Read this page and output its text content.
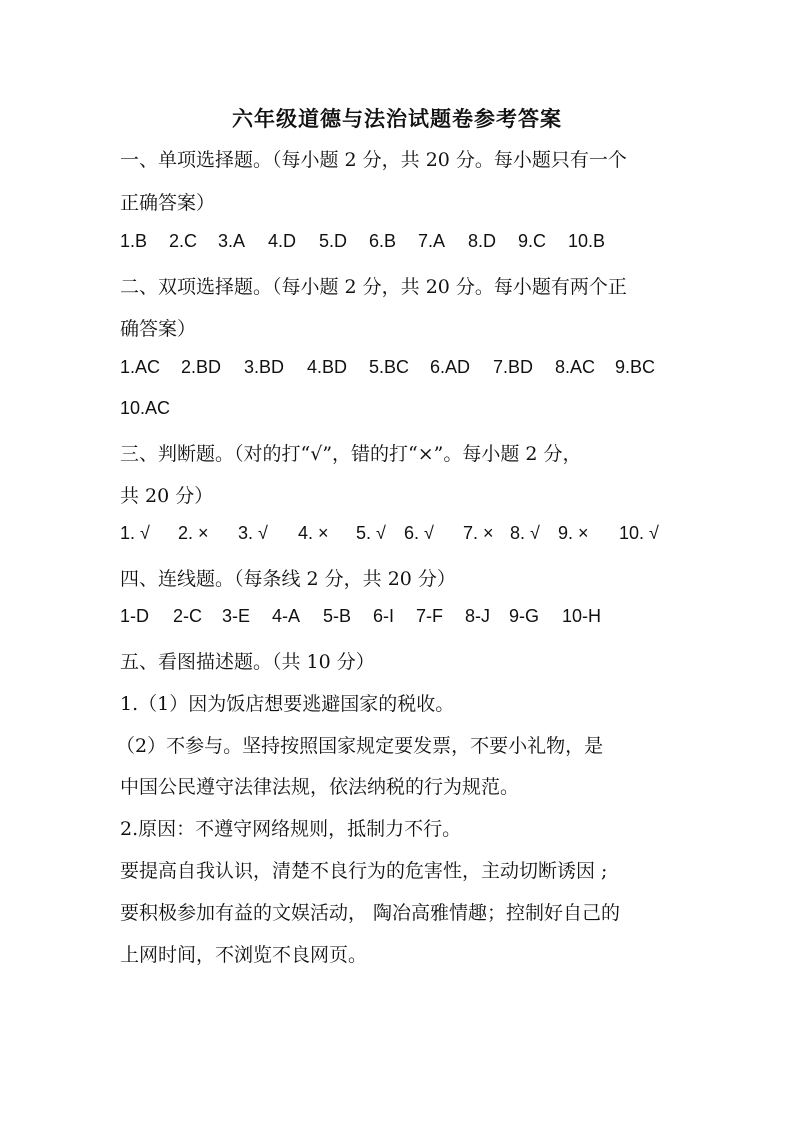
六年级道德与法治试题卷参考答案
一、单项选择题。（每小题 2 分，共 20 分。每小题只有一个
正确答案）
1.B 2.C 3.A 4.D 5.D 6.B 7.A 8.D 9.C 10.B
二、双项选择题。（每小题 2 分，共 20 分。每小题有两个正
确答案）
1.AC 2.BD 3.BD 4.BD 5.BC 6.AD 7.BD 8.AC 9.BC
10.AC
三、判断题。（对的打“√”，错的打“×”。每小题 2 分，
共 20 分）
1. √ 2. × 3. √ 4. × 5. √ 6. √ 7. × 8. √ 9. × 10. √
四、连线题。（每条线 2 分，共 20 分）
1-D 2-C 3-E 4-A 5-B 6-I 7-F 8-J 9-G 10-H
五、看图描述题。（共 10 分）
1.（1）因为饭店想要逃避国家的税收。
（2）不参与。坚持按照国家规定要发票，不要小礼物，是
中国公民遵守法律法规，依法纳税的行为规范。
2.原因：不遵守网络规则，抵制力不行。
要提高自我认识，清楚不良行为的危害性，主动切断诱因 ;
要积极参加有益的文娱活动， 陶冶高雅情趣；控制好自己的
上网时间，不浏览不良网页。
